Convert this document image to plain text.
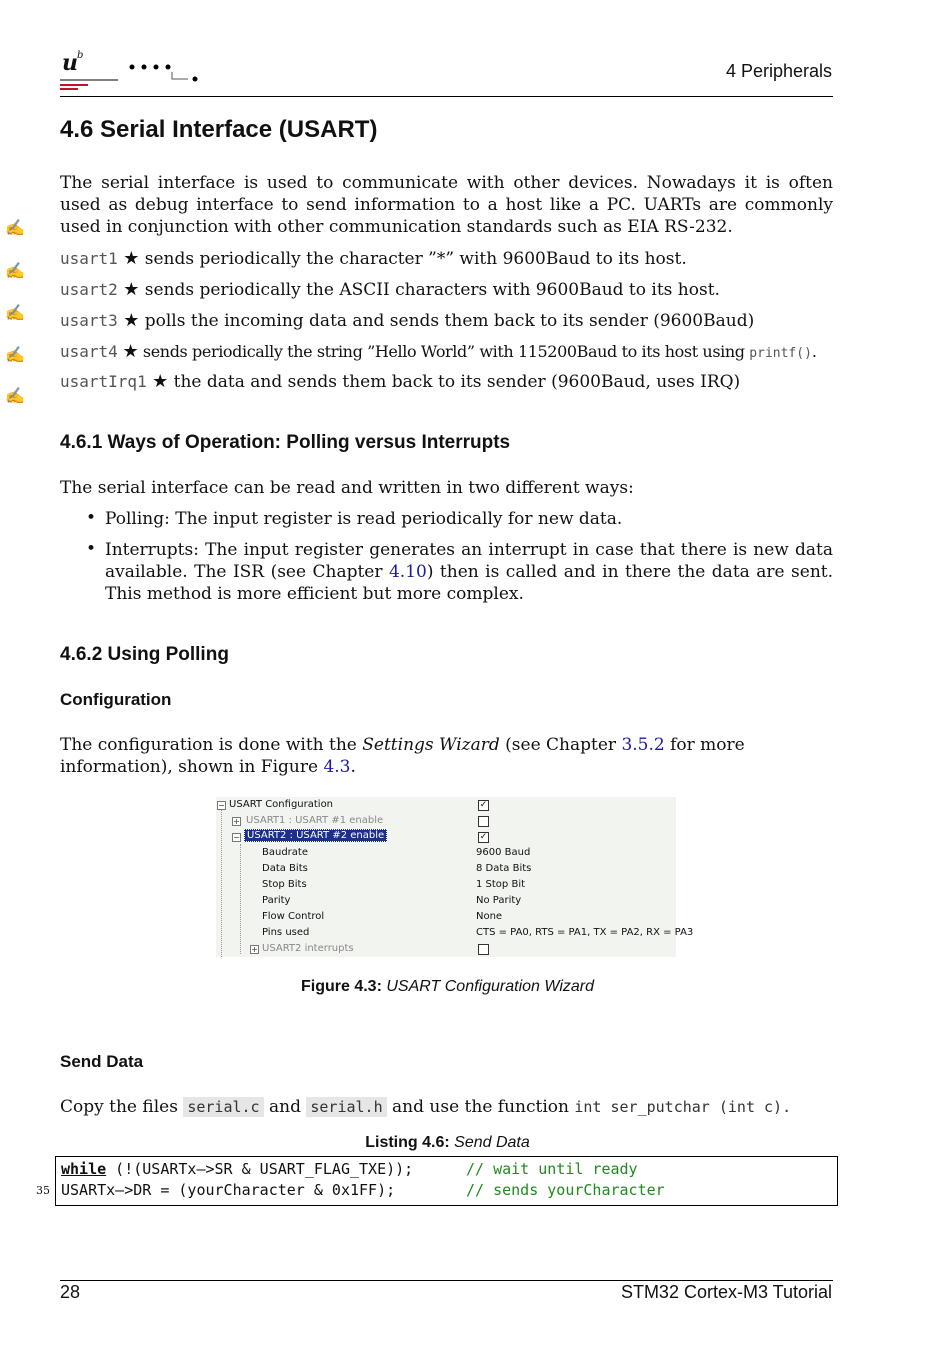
u b
4 Peripherals
4.6 Serial Interface (USART)

The serial interface is used to communicate with other devices. Nowadays it is often used as debug interface to send information to a host like a PC. UARTs are commonly used in conjunction with other communication standards such as EIA RS-232.

✍
✍
✍
✍
✍
usart1 ★ sends periodically the character ”*” with 9600Baud to its host.
usart2 ★ sends periodically the ASCII characters with 9600Baud to its host.
usart3 ★ polls the incoming data and sends them back to its sender (9600Baud)
usart4 ★ sends periodically the string ”Hello World” with 115200Baud to its host using printf().
usartIrq1 ★ the data and sends them back to its sender (9600Baud, uses IRQ)
4.6.1 Ways of Operation: Polling versus Interrupts

The serial interface can be read and written in two different ways:

• Polling: The input register is read periodically for new data.

• Interrupts: The input register generates an interrupt in case that there is new data available. The ISR (see Chapter 4.10) then is called and in there the data are sent. This method is more efficient but more complex.

4.6.2 Using Polling
Configuration

The configuration is done with the Settings Wizard (see Chapter 3.5.2 for more information), shown in Figure 4.3.

− USART Configuration	✓
+ USART1 : USART #1 enable
− USART2 : USART #2 enable	✓
Baudrate	9600 Baud
Data Bits	8 Data Bits
Stop Bits	1 Stop Bit
Parity	No Parity
Flow Control	None
Pins used	CTS = PA0, RTS = PA1, TX = PA2, RX = PA3
+ USART2 interrupts
Figure 4.3: USART Configuration Wizard
Send Data

Copy the files serial.c and serial.h and use the function int ser_putchar (int c).

Listing 4.6: Send Data
while (!(USARTx–>SR & USART_FLAG_TXE));	// wait until ready
USARTx–>DR = (yourCharacter & 0x1FF);	// sends yourCharacter
35
28	STM32 Cortex-M3 Tutorial
